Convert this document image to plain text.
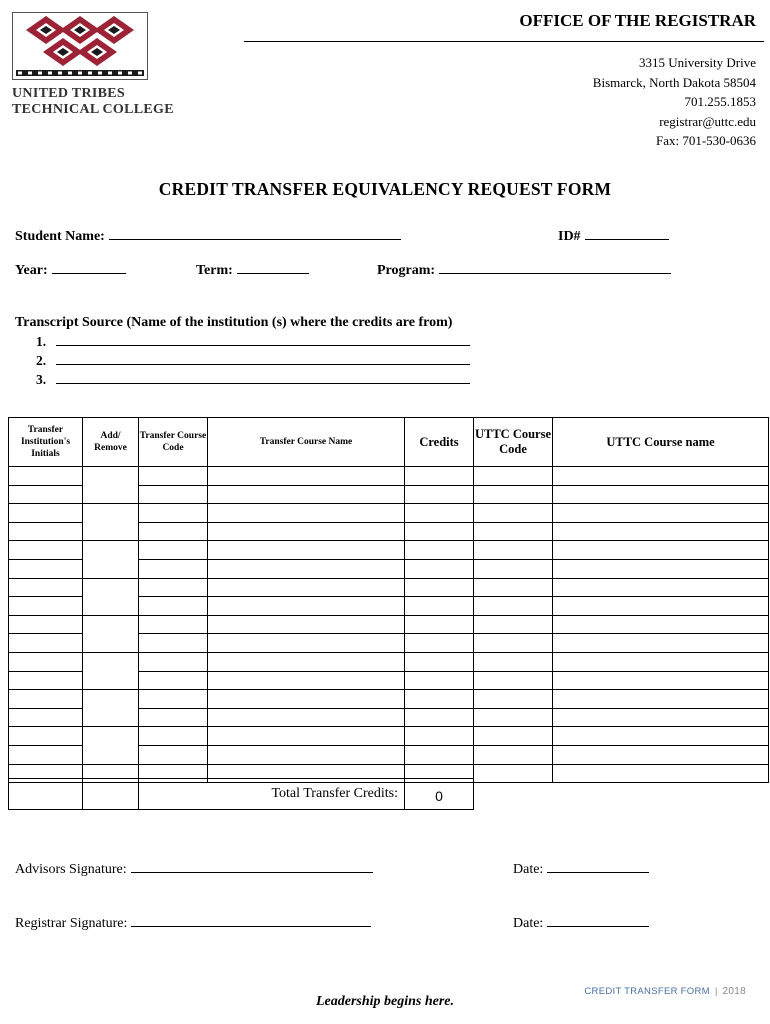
UNITED TRIBES
TECHNICAL COLLEGE
OFFICE OF THE REGISTRAR
3315 University Drive
Bismarck, North Dakota 58504
701.255.1853
registrar@uttc.edu
Fax: 701-530-0636
CREDIT TRANSFER EQUIVALENCY REQUEST FORM
Student Name:	ID#
Year:	Term:	Program:
Transcript Source (Name of the institution (s) where the credits are from)
1.
2.
3.
Transfer Institution's Initials	Add/ Remove	Transfer Course Code	Transfer Course Name	Credits	UTTC Course Code	UTTC Course name

		Total Transfer Credits:	0
Advisors Signature:	Date:
Registrar Signature:	Date:
Leadership begins here.
CREDIT TRANSFER FORM | 2018
